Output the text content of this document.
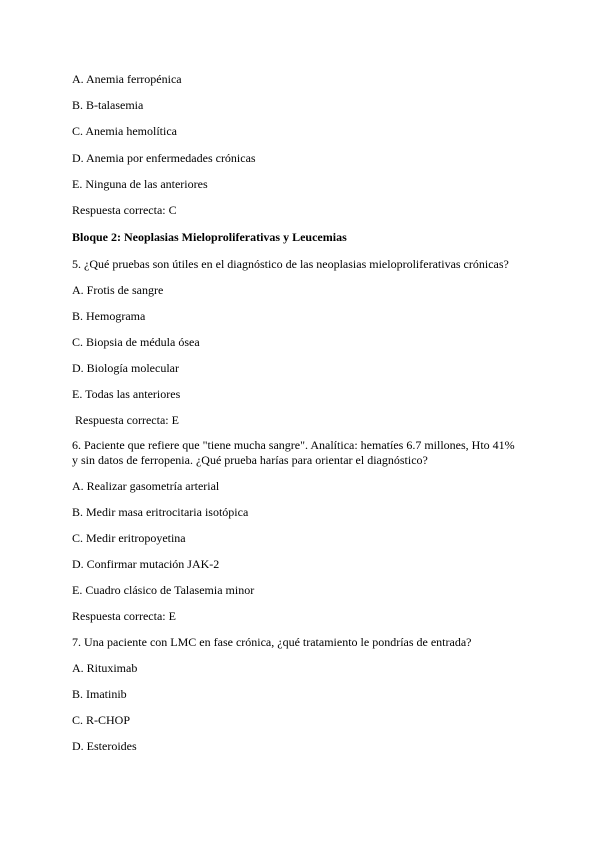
A. Anemia ferropénica
B. B-talasemia
C. Anemia hemolítica
D. Anemia por enfermedades crónicas
E. Ninguna de las anteriores
Respuesta correcta: C
Bloque 2: Neoplasias Mieloproliferativas y Leucemias
5. ¿Qué pruebas son útiles en el diagnóstico de las neoplasias mieloproliferativas crónicas?
A. Frotis de sangre
B. Hemograma
C. Biopsia de médula ósea
D. Biología molecular
E. Todas las anteriores
Respuesta correcta: E
6. Paciente que refiere que "tiene mucha sangre". Analítica: hematíes 6.7 millones, Hto 41%
y sin datos de ferropenia. ¿Qué prueba harías para orientar el diagnóstico?
A. Realizar gasometría arterial
B. Medir masa eritrocitaria isotópica
C. Medir eritropoyetina
D. Confirmar mutación JAK-2
E. Cuadro clásico de Talasemia minor
Respuesta correcta: E
7. Una paciente con LMC en fase crónica, ¿qué tratamiento le pondrías de entrada?
A. Rituximab
B. Imatinib
C. R-CHOP
D. Esteroides
